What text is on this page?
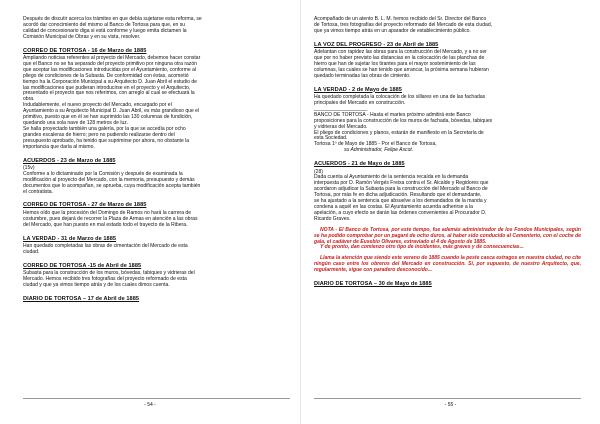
Después de discutir acerca los trámites en que debía sujetarse esta reforma, se
acordó dar conocimiento del mismo al Banco de Tortosa para que, en su
calidad de concesionario diga si está conforme y luego emita dictamen la
Comisión Municipal de Obras y en su vista, resolver.

CORREO DE TORTOSA - 16 de Marzo de 1885

Ampliando noticias referentes al proyecto del Mercado, debemos hacer constar
que el Banco no se ha separado del proyecto primitivo por ninguna otra razón
que aceptar las modificaciones introducidas por el Ayuntamiento, conforme al
pliego de condiciones de la Subasta. De conformidad con éstas, acometió
tiempo ha la Corporación Municipal a su Arquitecto D. Juan Abril el estudio de
las modificaciones que pudieran introducirse en el proyecto y el Arquitecto,
presentado el proyecto que nos referimos, con arreglo al cual se efectuará la
obra.
Indudablemente, el nuevo proyecto del Mercado, encargado por el
Ayuntamiento a su Arquitecto Municipal D. Juan Abril, es más grandioso que el
primitivo, puesto que en él se han suprimido las 130 columnas de fundición,
quedando una sola nave de 128 metros de luz.
Se halla proyectado también una galería, por la que se accedía por ocho
grandes escaleras de hierro; pero no pudiendo realizarse dentro del
presupuesto aprobado, ha tenido que suprimirse por ahora, no obstante la
importancia que daría al mismo.

ACUERDOS - 23 de Marzo de 1885

(15v)
Conforme a lo dictaminado por la Comisión y después de examinada la
modificación al proyecto del Mercado, con la memoria, presupuesto y demás
documentos que lo acompañan, se aprueba, cuya modificación acepta también
el contratista.

CORREO DE TORTOSA - 27 de Marzo de 1885

Hemos oído que la procesión del Domingo de Ramos no hará la carrera de
costumbre, pues dejará de recorrer la Plaza de Armas en atención a las obras
del Mercado, que han puesto en mal estado todo el trayecto de la Ribera.

LA VERDAD - 31 de Marzo de 1885

Han quedado completadas las obras de cimentación del Mercado de esta
ciudad.

CORREO DE TORTOSA -15 de Abril de 1885

Subasta para la construcción de los muros, bóvedas, tabiques y vidrieras del
Mercado. Hemos recibido tres fotografías del proyecto reformado de esta
ciudad y que ya vimos tiempo atrás y de los cuales dimos cuenta.

DIARIO DE TORTOSA – 17 de Abril de 1885
- 54 -

Acompañado de un atento B. L. M. hemos recibido del Sr. Director del Banco
de Tortosa, tres fotografías del proyecto reformado del Mercado de esta ciudad,
que ya vimos tiempo atrás en un aparador de establecimiento público.

LA VOZ DEL PROGRESO - 23 de Abril de 1885

Adelantan con rapidez las obras para la construcción del Mercado, y a no ser
que por no haber previsto las distancias en la colocación de las planchas de
hierro que han de sujetar los tirantes para el mayor sostenimiento de las
columnas, las cuales se han tenido que arrancar, la próxima semana hubieran
quedado terminadas las obras de cimiento.

LA VERDAD - 2 de Mayo de 1885

Ha quedado completada la colocación de los sillares en una de las fachadas
principales del Mercado en construcción.
___________________
BANCO DE TORTOSA - Hasta el martes próximo admitirá este Banco
proposiciones para la construcción de los muros de fachada, bóvedas, tabiques
y vidrieras del Mercado.
El pliego de condiciones y planos, estarán de manifiesto en la Secretaría de
esta Sociedad.
Tortosa 1º de Mayo de 1885 - Por el Banco de Tortosa,
su Administrador, Felipe Ascot.

ACUERDOS - 21 de Mayo de 1885

(28)
Dada cuenta al Ayuntamiento de la sentencia recaída en la demanda
interpuesta por D. Ramón Vergés Freixa contra el Sr. Alcalde y Regidores que
acordaron adjudicar la Subasta para la construcción del Mercado al Banco de
Tortosa, por más fe en dicha adjudicación. Resultando que el demandante,
se ha ajustado a la sentencia que absuelve a los demandados de la manda y
condena a aquél en las costas. El Ayuntamiento acuerda adherirse a la
apelación, a cuyo efecto se darán las órdenes convenientes al Procurador D.
Ricardo Graves.

NOTA - El Banco de Tortosa, por este tiempo, fue además administrador de los Fondos Municipales, según se ha podido comprobar por un pagaré de ocho duros, al haber sido conducido al Cementerio, con el coche de gala, el cadáver de Eusebio Olivares, extraviado el 4 de Agosto de 1885.

Y de pronto, dan comienzo otro tipo de incidentes, más graves y de consecuencias...

Llama la atención que siendo este verano de 1885 cuando la peste casca estragos en nuestra ciudad, no cite ningún caso entre los obreros del Mercado en construcción. Si, por supuesto, de nuestro Arquitecto, que, regularmente, sigue con paradero desconocido...

DIARIO DE TORTOSA – 30 de Mayo de 1885
- 55 -
